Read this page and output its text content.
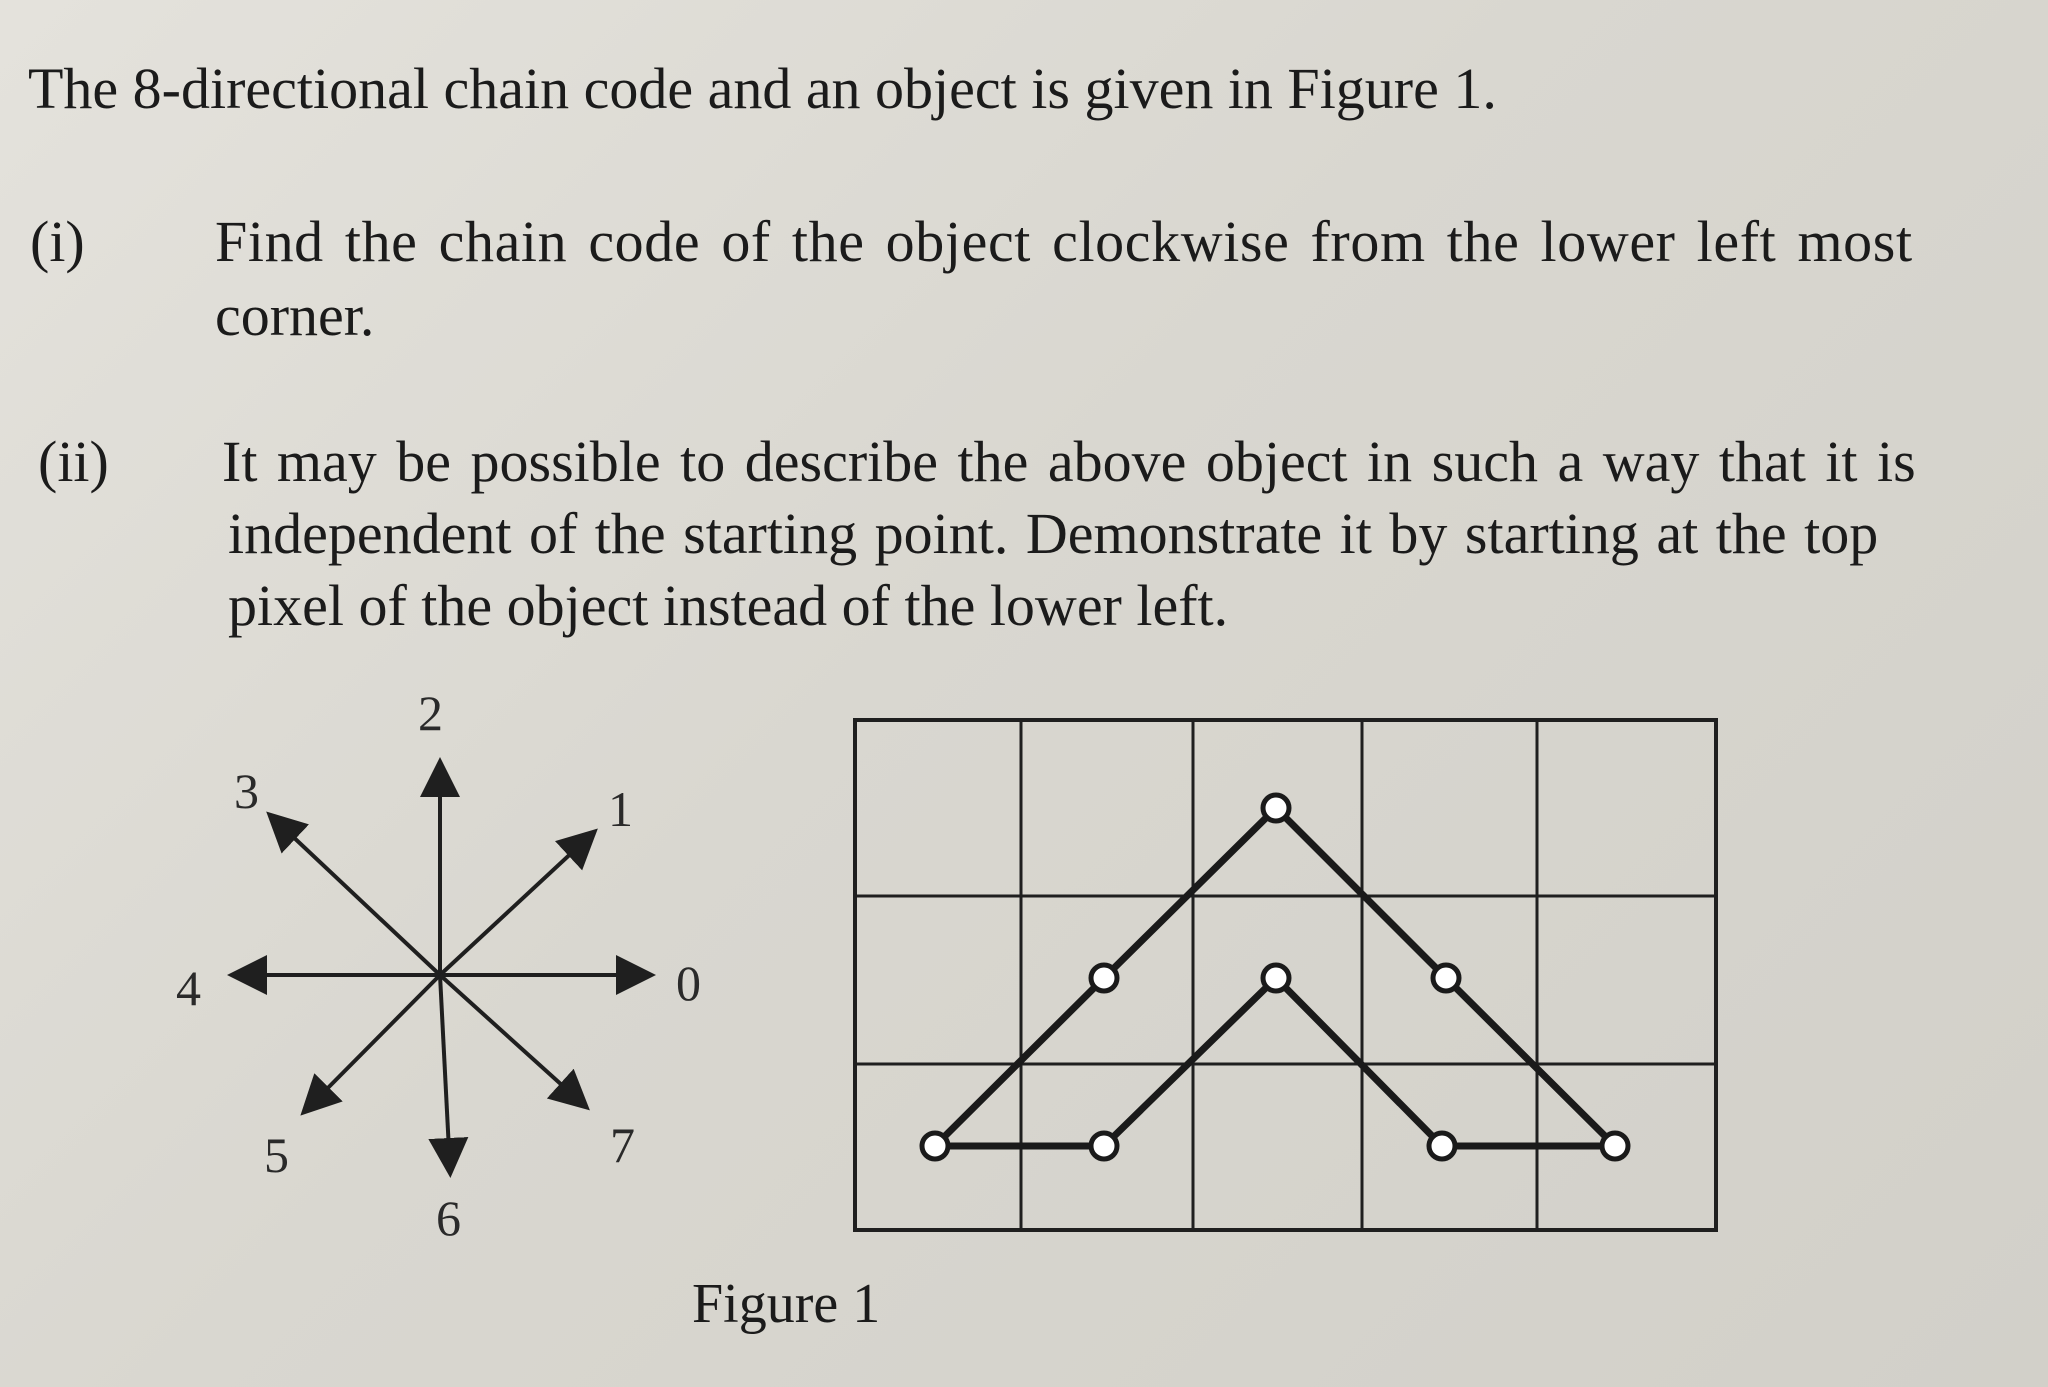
The 8-directional chain code and an object is given in Figure 1.
(i) Find the chain code of the object clockwise from the lower left most
corner.
(ii) It may be possible to describe the above object in such a way that it is
independent of the starting point. Demonstrate it by starting at the top
pixel of the object instead of the lower left.
0
1
2
3
4
5
6
7
Figure 1
